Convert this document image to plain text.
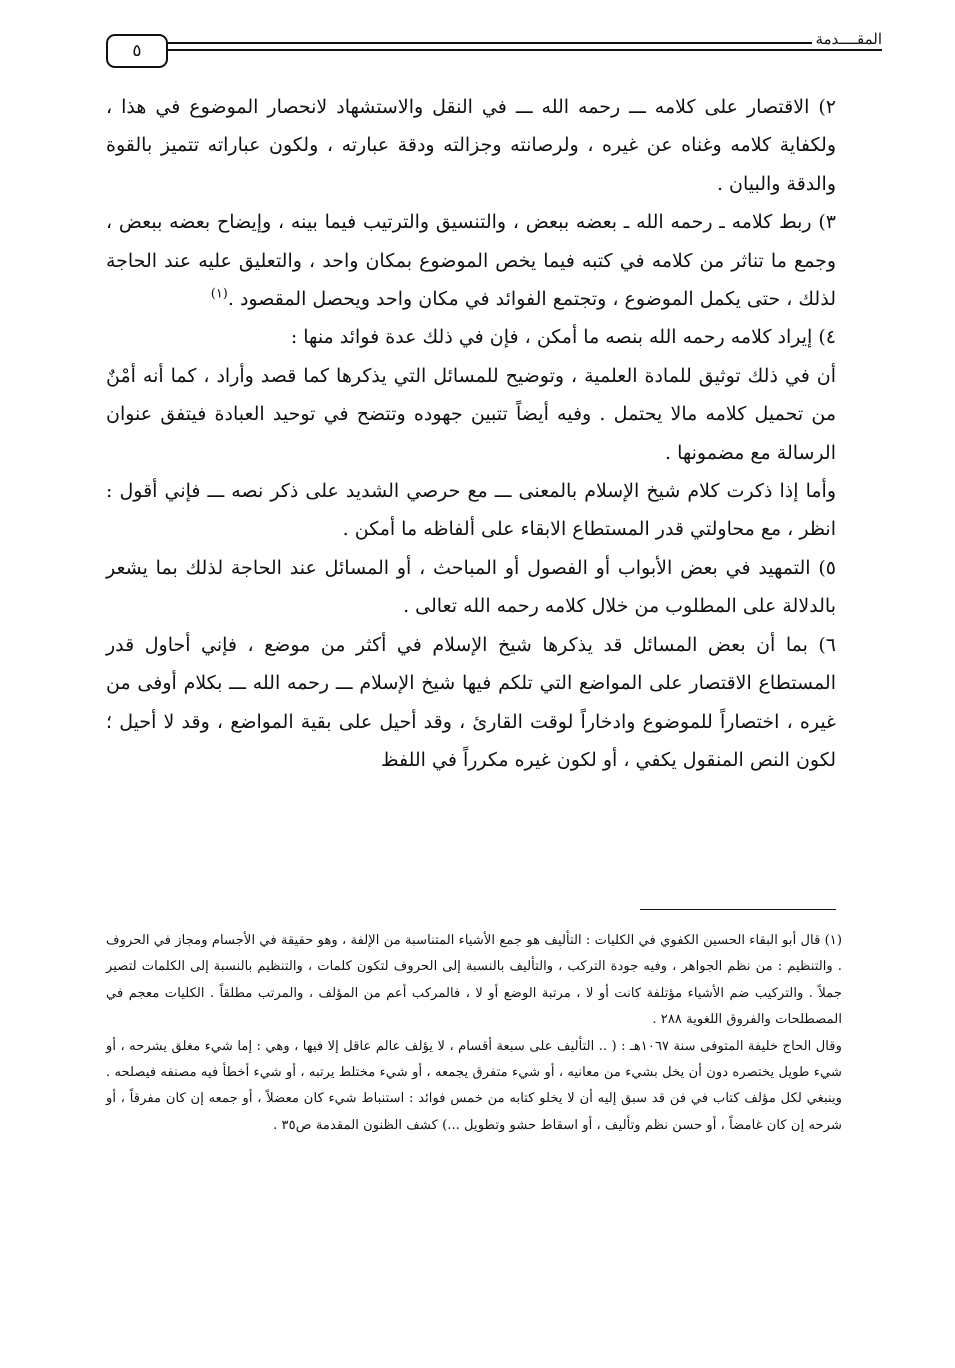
٥
المقــــدمة

٢) الاقتصار على كلامه ـــ رحمه الله ـــ في النقل والاستشهاد لانحصار الموضوع في هذا ، ولكفاية كلامه وغناه عن غيره ، ولرصانته وجزالته ودقة عبارته ، ولكون عباراته تتميز بالقوة والدقة والبيان .

٣) ربط كلامه ـ رحمه الله ـ بعضه ببعض ، والتنسيق والترتيب فيما بينه ، وإيضاح بعضه ببعض ، وجمع ما تناثر من كلامه في كتبه فيما يخص الموضوع بمكان واحد ، والتعليق عليه عند الحاجة لذلك ، حتى يكمل الموضوع ، وتجتمع الفوائد في مكان واحد ويحصل المقصود .$^{(١)}$

٤) إيراد كلامه رحمه الله بنصه ما أمكن ، فإن في ذلك عدة فوائد منها :

أن في ذلك توثيق للمادة العلمية ، وتوضيح للمسائل التي يذكرها كما قصد وأراد ، كما أنه أمْنٌ من تحميل كلامه مالا يحتمل . وفيه أيضاً تتبين جهوده وتتضح في توحيد العبادة فيتفق عنوان الرسالة مع مضمونها .

وأما إذا ذكرت كلام شيخ الإسلام بالمعنى ـــ مع حرصي الشديد على ذكر نصه ـــ فإني أقول : انظر ، مع محاولتي قدر المستطاع الابقاء على ألفاظه ما أمكن .

٥) التمهيد في بعض الأبواب أو الفصول أو المباحث ، أو المسائل عند الحاجة لذلك بما يشعر بالدلالة على المطلوب من خلال كلامه رحمه الله تعالى .

٦) بما أن بعض المسائل قد يذكرها شيخ الإسلام في أكثر من موضع ، فإني أحاول قدر المستطاع الاقتصار على المواضع التي تلكم فيها شيخ الإسلام ـــ رحمه الله ـــ بكلام أوفى من غيره ، اختصاراً للموضوع وادخاراً لوقت القارئ ، وقد أحيل على بقية المواضع ، وقد لا أحيل ؛ لكون النص المنقول يكفي ، أو لكون غيره مكرراً في اللفظ

(١) قال أبو البقاء الحسين الكفوي في الكليات : التأليف هو جمع الأشياء المتناسبة من الإلفة ، وهو حقيقة في الأجسام ومجاز في الحروف . والتنظيم : من نظم الجواهر ، وفيه جودة التركب ، والتأليف بالنسبة إلى الحروف لتكون كلمات ، والتنظيم بالنسبة إلى الكلمات لتصير جملاً . والتركيب ضم الأشياء مؤتلفة كانت أو لا ، مرتبة الوضع أو لا ، فالمركب أعم من المؤلف ، والمرتب مطلقاً . الكليات معجم في المصطلحات والفروق اللغوية ٢٨٨ .

وقال الحاج خليفة المتوفى سنة ١٠٦٧هـ : ( .. التأليف على سبعة أقسام ، لا يؤلف عالم عاقل إلا فيها ، وهي : إما شيء مغلق يشرحه ، أو شيء طويل يختصره دون أن يخل بشيء من معانيه ، أو شيء متفرق يجمعه ، أو شيء مختلط يرتبه ، أو شيء أخطأ فيه مصنفه فيصلحه . وينبغي لكل مؤلف كتاب في فن قد سبق إليه أن لا يخلو كتابه من خمس فوائد : استنباط شيء كان معضلاً ، أو جمعه إن كان مفرقاً ، أو شرحه إن كان غامضاً ، أو حسن نظم وتأليف ، أو اسقاط حشو وتطويل ...) كشف الظنون المقدمة ص٣٥ .
